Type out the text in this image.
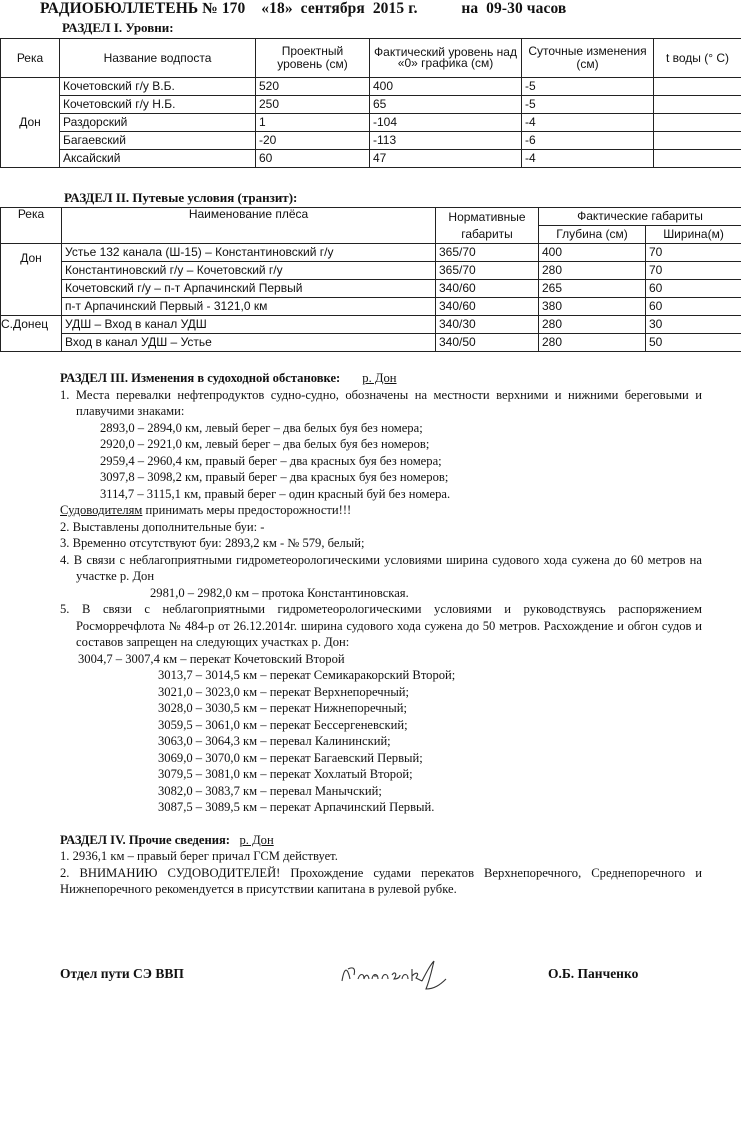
РАДИОБЮЛЛЕТЕНЬ № 170 «18»  сентября  2015 г.	на  09-30 часов
РАЗДЕЛ I. Уровни:
Река	Название водпоста	Проектный уровень (см)	Фактический уровень над «0» графика (см)	Суточные изменения (см)	t воды (° С)
Дон	Кочетовский г/у В.Б.	520	400	-5	
	Кочетовский г/у Н.Б.	250	65	-5	
	Раздорский	1	-104	-4	
	Багаевский	-20	-113	-6	
	Аксайский	60	47	-4	
РАЗДЕЛ II. Путевые условия (транзит):
Река	Наименование плёса	Нормативные габариты	Фактические габариты	
			Глубина (см)	Ширина(м)
Дон	Устье 132 канала (Ш-15) – Константиновский г/у	365/70	400	70
	Константиновский г/у – Кочетовский г/у	365/70	280	70
	Кочетовский г/у – п-т Арпачинский Первый	340/60	265	60
	п-т Арпачинский Первый - 3121,0 км	340/60	380	60
С.Донец	УДШ – Вход в канал УДШ	340/30	280	30
	Вход в канал УДШ – Устье	340/50	280	50

РАЗДЕЛ III. Изменения в судоходной обстановке: р. Дон

1. Места перевалки нефтепродуктов судно-судно, обозначены на местности верхними и нижними береговыми и плавучими знаками:

2893,0 – 2894,0 км, левый берег – два белых буя без номера;

2920,0 – 2921,0 км, левый берег – два белых буя без номеров;

2959,4 – 2960,4 км, правый берег – два красных буя без номера;

3097,8 – 3098,2 км, правый берег – два красных буя без номеров;

3114,7 – 3115,1 км, правый берег – один красный буй без номера.

Судоводителям принимать меры предосторожности!!!

2. Выставлены дополнительные буи: -

3. Временно отсутствуют буи: 2893,2 км - № 579, белый;

4. В связи с неблагоприятными гидрометеорологическими условиями ширина судового хода сужена до 60 метров на участке р. Дон

2981,0 – 2982,0 км – протока Константиновская.

5. В связи с неблагоприятными гидрометеорологическими условиями и руководствуясь распоряжением Росморречфлота № 484-р от 26.12.2014г. ширина судового хода сужена до 50 метров. Расхождение и обгон судов и составов запрещен на следующих участках р. Дон:

3004,7 – 3007,4 км – перекат Кочетовский Второй

3013,7 – 3014,5 км – перекат Семикаракорский Второй;

3021,0 – 3023,0 км – перекат Верхнепоречный;

3028,0 – 3030,5 км – перекат Нижнепоречный;

3059,5 – 3061,0 км – перекат Бессергеневский;

3063,0 – 3064,3 км – перевал Калининский;

3069,0 – 3070,0 км – перекат Багаевский Первый;

3079,5 – 3081,0 км – перекат Хохлатый Второй;

3082,0 – 3083,7 км – перевал Манычский;

3087,5 – 3089,5 км – перекат Арпачинский Первый.

РАЗДЕЛ IV. Прочие сведения: р. Дон

1. 2936,1 км – правый берег причал ГСМ действует.

2. ВНИМАНИЮ СУДОВОДИТЕЛЕЙ! Прохождение судами перекатов Верхнепоречного, Среднепоречного и Нижнепоречного рекомендуется в присутствии капитана в рулевой рубке.

Отдел пути СЭ ВВП	О.Б. Панченко
